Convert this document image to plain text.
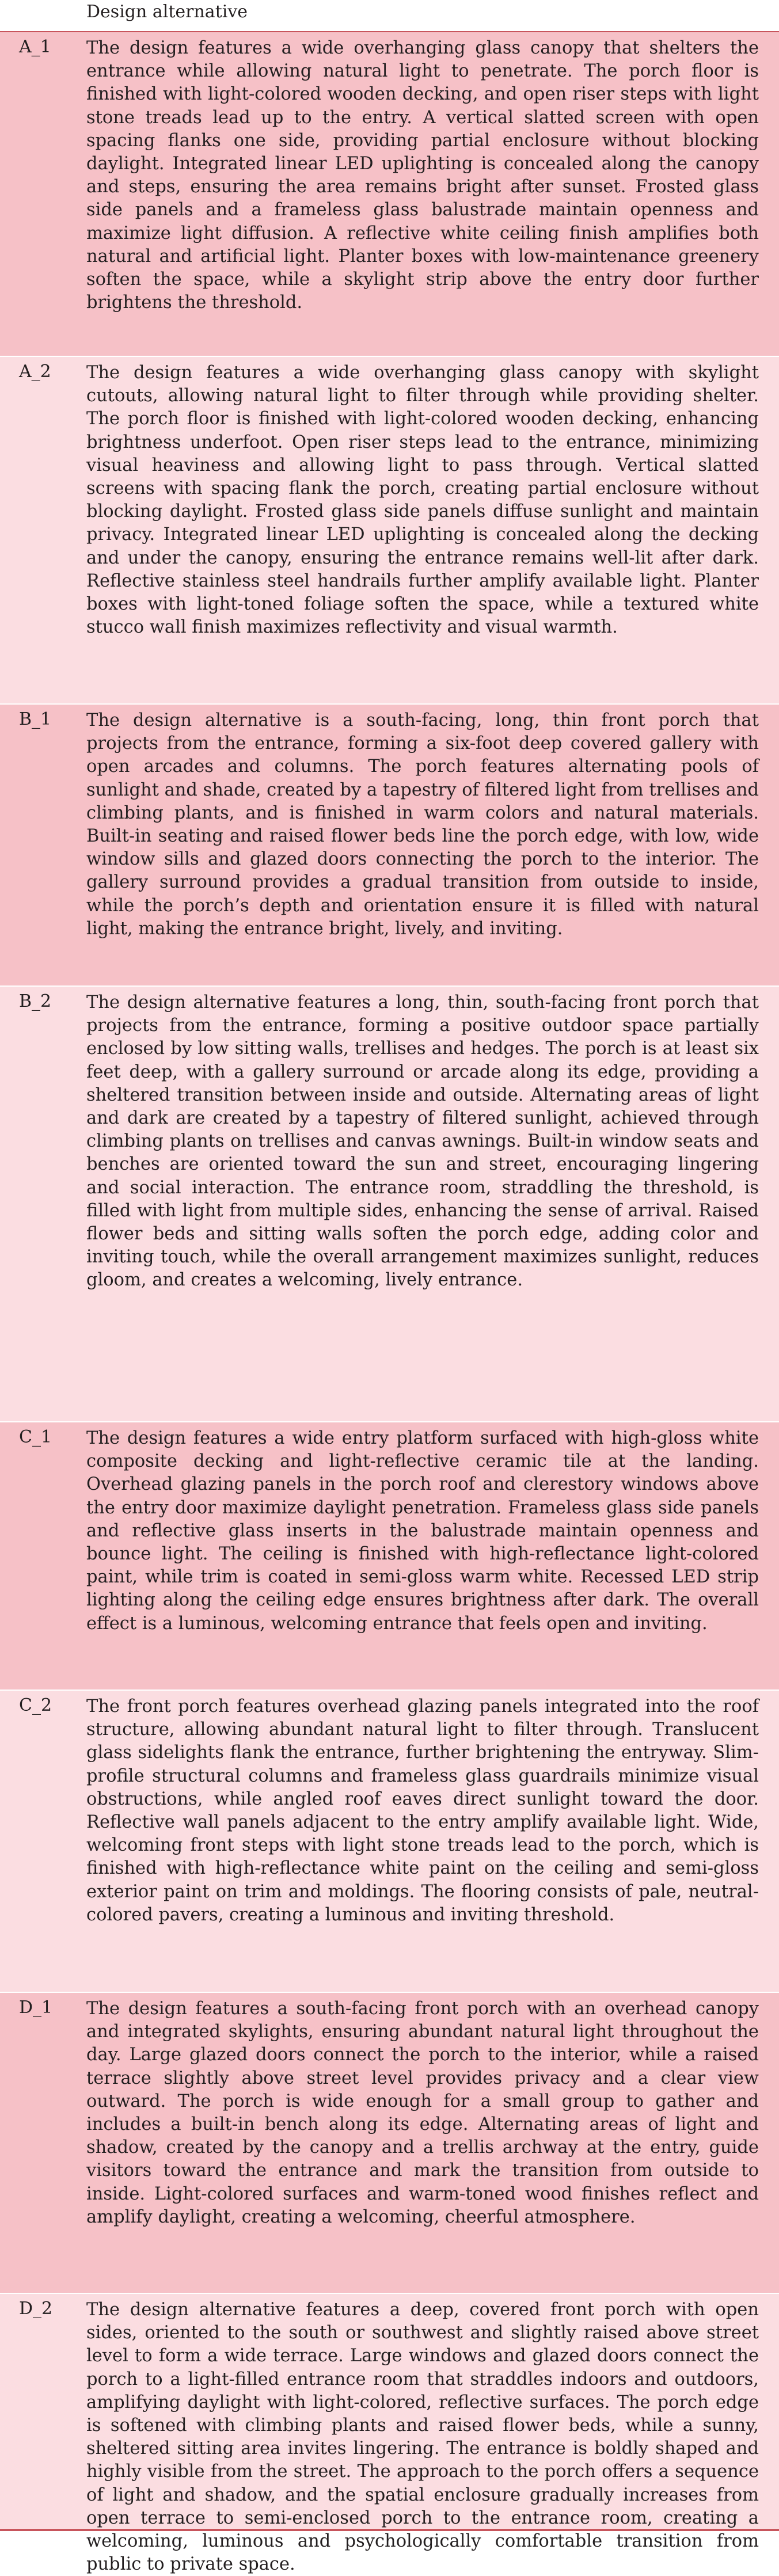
Design alternative
A_1 The design features a wide overhanging glass canopy that shelters the entrance while allowing natural light to penetrate. The porch floor is finished with light-colored wooden decking, and open riser steps with light stone treads lead up to the entry. A vertical slatted screen with open spacing flanks one side, providing partial enclosure without blocking daylight. Integrated linear LED uplighting is concealed along the canopy and steps, ensuring the area remains bright after sunset. Frosted glass side panels and a frameless glass balustrade maintain openness and maximize light diffusion. A reflective white ceiling finish amplifies both natural and artificial light. Planter boxes with low-maintenance greenery soften the space, while a skylight strip above the entry door further brightens the threshold.
A_2 The design features a wide overhanging glass canopy with skylight cutouts, allowing natural light to filter through while providing shelter. The porch floor is finished with light-colored wooden decking, enhancing brightness underfoot. Open riser steps lead to the entrance, minimizing visual heaviness and allowing light to pass through. Vertical slatted screens with spacing flank the porch, creating partial enclosure without blocking daylight. Frosted glass side panels diffuse sunlight and maintain privacy. Integrated linear LED uplighting is concealed along the decking and under the canopy, ensuring the entrance remains well-lit after dark. Reflective stainless steel handrails further amplify available light. Planter boxes with light-toned foliage soften the space, while a textured white stucco wall finish maximizes reflectivity and visual warmth.
B_1 The design alternative is a south-facing, long, thin front porch that projects from the entrance, forming a six-foot deep covered gallery with open arcades and columns. The porch features alternating pools of sunlight and shade, created by a tapestry of filtered light from trellises and climbing plants, and is finished in warm colors and natural materials. Built-in seating and raised flower beds line the porch edge, with low, wide window sills and glazed doors connecting the porch to the interior. The gallery surround provides a gradual transition from outside to inside, while the porch’s depth and orientation ensure it is filled with natural light, making the entrance bright, lively, and inviting.
B_2 The design alternative features a long, thin, south-facing front porch that projects from the entrance, forming a positive outdoor space partially enclosed by low sitting walls, trellises and hedges. The porch is at least six feet deep, with a gallery surround or arcade along its edge, providing a sheltered transition between inside and outside. Alternating areas of light and dark are created by a tapestry of filtered sunlight, achieved through climbing plants on trellises and canvas awnings. Built-in window seats and benches are oriented toward the sun and street, encouraging lingering and social interaction. The entrance room, straddling the threshold, is filled with light from multiple sides, enhancing the sense of arrival. Raised flower beds and sitting walls soften the porch edge, adding color and inviting touch, while the overall arrangement maximizes sunlight, reduces gloom, and creates a welcoming, lively entrance.
C_1 The design features a wide entry platform surfaced with high-gloss white composite decking and light-reflective ceramic tile at the landing. Overhead glazing panels in the porch roof and clerestory windows above the entry door maximize daylight penetration. Frameless glass side panels and reflective glass inserts in the balustrade maintain openness and bounce light. The ceiling is finished with high-reflectance light-colored paint, while trim is coated in semi-gloss warm white. Recessed LED strip lighting along the ceiling edge ensures brightness after dark. The overall effect is a luminous, welcoming entrance that feels open and inviting.
C_2 The front porch features overhead glazing panels integrated into the roof structure, allowing abundant natural light to filter through. Translucent glass sidelights flank the entrance, further brightening the entryway. Slim-profile structural columns and frameless glass guardrails minimize visual obstructions, while angled roof eaves direct sunlight toward the door. Reflective wall panels adjacent to the entry amplify available light. Wide, welcoming front steps with light stone treads lead to the porch, which is finished with high-reflectance white paint on the ceiling and semi-gloss exterior paint on trim and moldings. The flooring consists of pale, neutral-colored pavers, creating a luminous and inviting threshold.
D_1 The design features a south-facing front porch with an overhead canopy and integrated skylights, ensuring abundant natural light throughout the day. Large glazed doors connect the porch to the interior, while a raised terrace slightly above street level provides privacy and a clear view outward. The porch is wide enough for a small group to gather and includes a built-in bench along its edge. Alternating areas of light and shadow, created by the canopy and a trellis archway at the entry, guide visitors toward the entrance and mark the transition from outside to inside. Light-colored surfaces and warm-toned wood finishes reflect and amplify daylight, creating a welcoming, cheerful atmosphere.
D_2 The design alternative features a deep, covered front porch with open sides, oriented to the south or southwest and slightly raised above street level to form a wide terrace. Large windows and glazed doors connect the porch to a light-filled entrance room that straddles indoors and outdoors, amplifying daylight with light-colored, reflective surfaces. The porch edge is softened with climbing plants and raised flower beds, while a sunny, sheltered sitting area invites lingering. The entrance is boldly shaped and highly visible from the street. The approach to the porch offers a sequence of light and shadow, and the spatial enclosure gradually increases from open terrace to semi-enclosed porch to the entrance room, creating a welcoming, luminous and psychologically comfortable transition from public to private space.
